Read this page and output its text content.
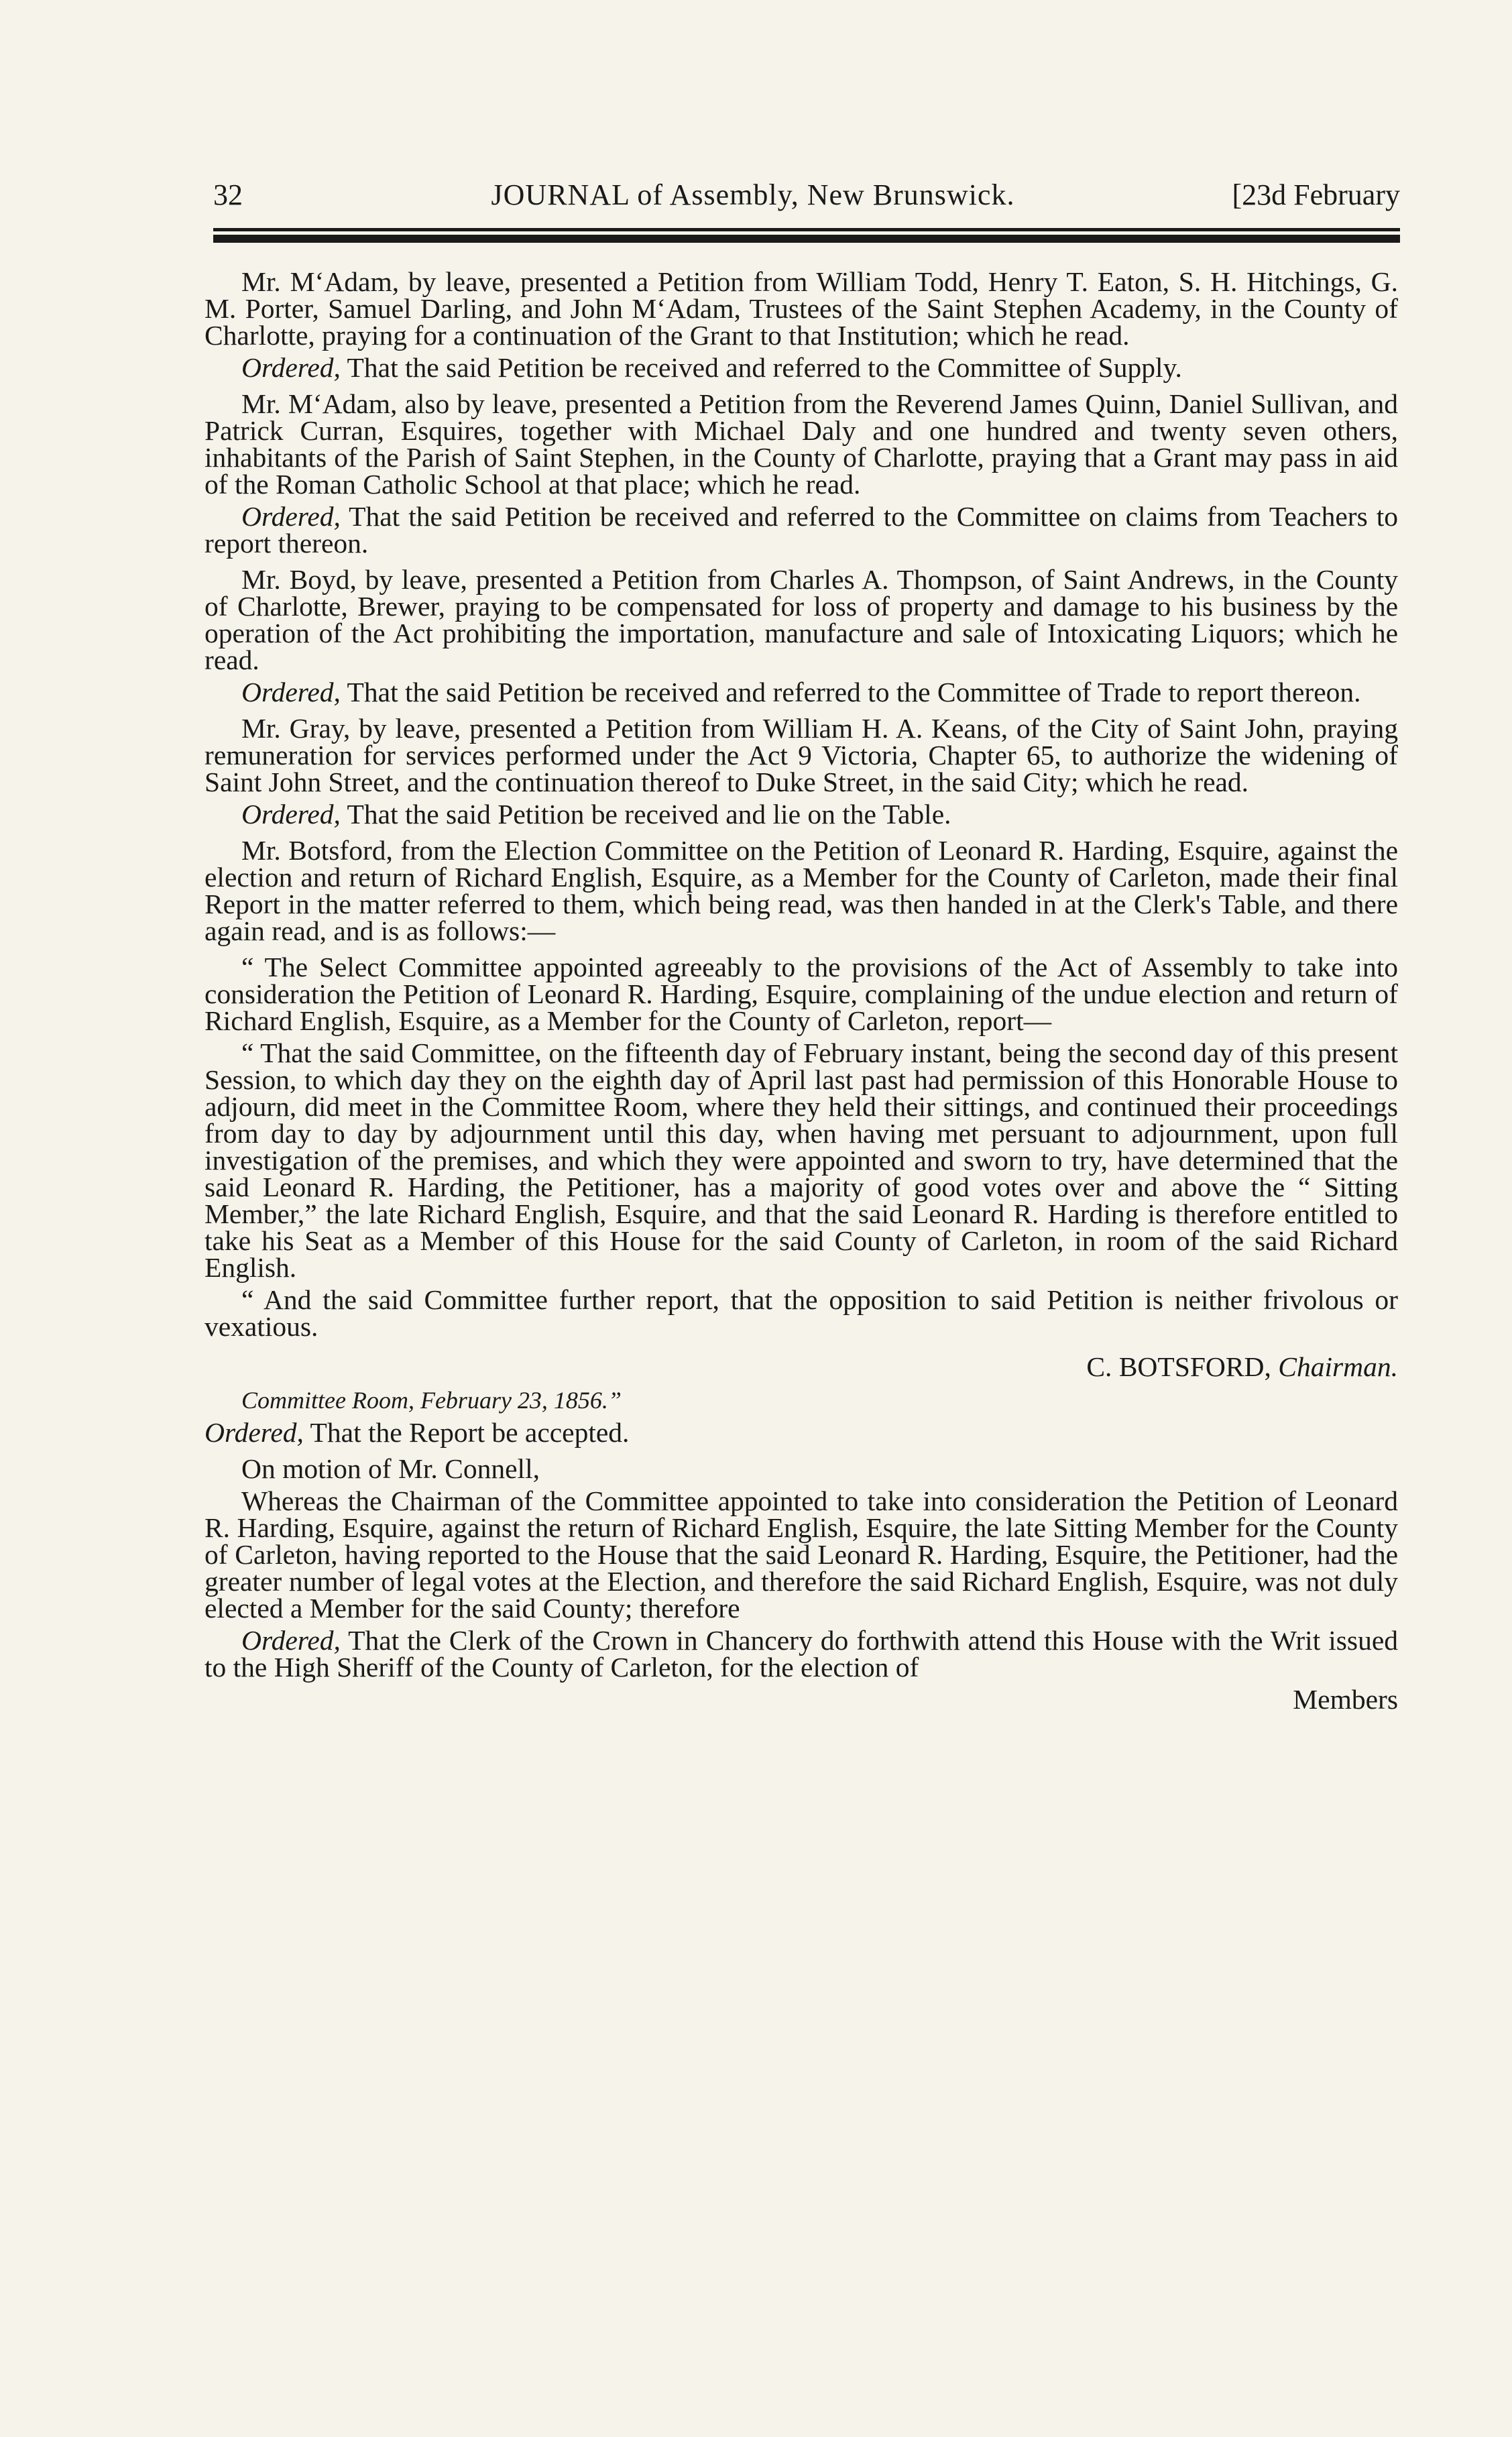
32	JOURNAL of Assembly, New Brunswick.	[23d February

Mr. M‘Adam, by leave, presented a Petition from William Todd, Henry T. Eaton, S. H. Hitchings, G. M. Porter, Samuel Darling, and John M‘Adam, Trustees of the Saint Stephen Academy, in the County of Charlotte, praying for a continuation of the Grant to that Institution; which he read.

Ordered, That the said Petition be received and referred to the Committee of Supply.

Mr. M‘Adam, also by leave, presented a Petition from the Reverend James Quinn, Daniel Sullivan, and Patrick Curran, Esquires, together with Michael Daly and one hundred and twenty seven others, inhabitants of the Parish of Saint Stephen, in the County of Charlotte, praying that a Grant may pass in aid of the Roman Catholic School at that place; which he read.

Ordered, That the said Petition be received and referred to the Committee on claims from Teachers to report thereon.

Mr. Boyd, by leave, presented a Petition from Charles A. Thompson, of Saint Andrews, in the County of Charlotte, Brewer, praying to be compensated for loss of property and damage to his business by the operation of the Act prohibiting the importation, manufacture and sale of Intoxicating Liquors; which he read.

Ordered, That the said Petition be received and referred to the Committee of Trade to report thereon.

Mr. Gray, by leave, presented a Petition from William H. A. Keans, of the City of Saint John, praying remuneration for services performed under the Act 9 Victoria, Chapter 65, to authorize the widening of Saint John Street, and the continuation thereof to Duke Street, in the said City; which he read.

Ordered, That the said Petition be received and lie on the Table.

Mr. Botsford, from the Election Committee on the Petition of Leonard R. Harding, Esquire, against the election and return of Richard English, Esquire, as a Member for the County of Carleton, made their final Report in the matter referred to them, which being read, was then handed in at the Clerk's Table, and there again read, and is as follows:—

“ The Select Committee appointed agreeably to the provisions of the Act of Assembly to take into consideration the Petition of Leonard R. Harding, Esquire, complaining of the undue election and return of Richard English, Esquire, as a Member for the County of Carleton, report—

“ That the said Committee, on the fifteenth day of February instant, being the second day of this present Session, to which day they on the eighth day of April last past had permission of this Honorable House to adjourn, did meet in the Committee Room, where they held their sittings, and continued their proceedings from day to day by adjournment until this day, when having met persuant to adjournment, upon full investigation of the premises, and which they were appointed and sworn to try, have determined that the said Leonard R. Harding, the Petitioner, has a majority of good votes over and above the “ Sitting Member,” the late Richard English, Esquire, and that the said Leonard R. Harding is therefore entitled to take his Seat as a Member of this House for the said County of Carleton, in room of the said Richard English.

“ And the said Committee further report, that the opposition to said Petition is neither frivolous or vexatious.

C. BOTSFORD, Chairman.
Committee Room, February 23, 1856.”

Ordered, That the Report be accepted.

On motion of Mr. Connell,

Whereas the Chairman of the Committee appointed to take into consideration the Petition of Leonard R. Harding, Esquire, against the return of Richard English, Esquire, the late Sitting Member for the County of Carleton, having reported to the House that the said Leonard R. Harding, Esquire, the Petitioner, had the greater number of legal votes at the Election, and therefore the said Richard English, Esquire, was not duly elected a Member for the said County; therefore

Ordered, That the Clerk of the Crown in Chancery do forthwith attend this House with the Writ issued to the High Sheriff of the County of Carleton, for the election of

Members
